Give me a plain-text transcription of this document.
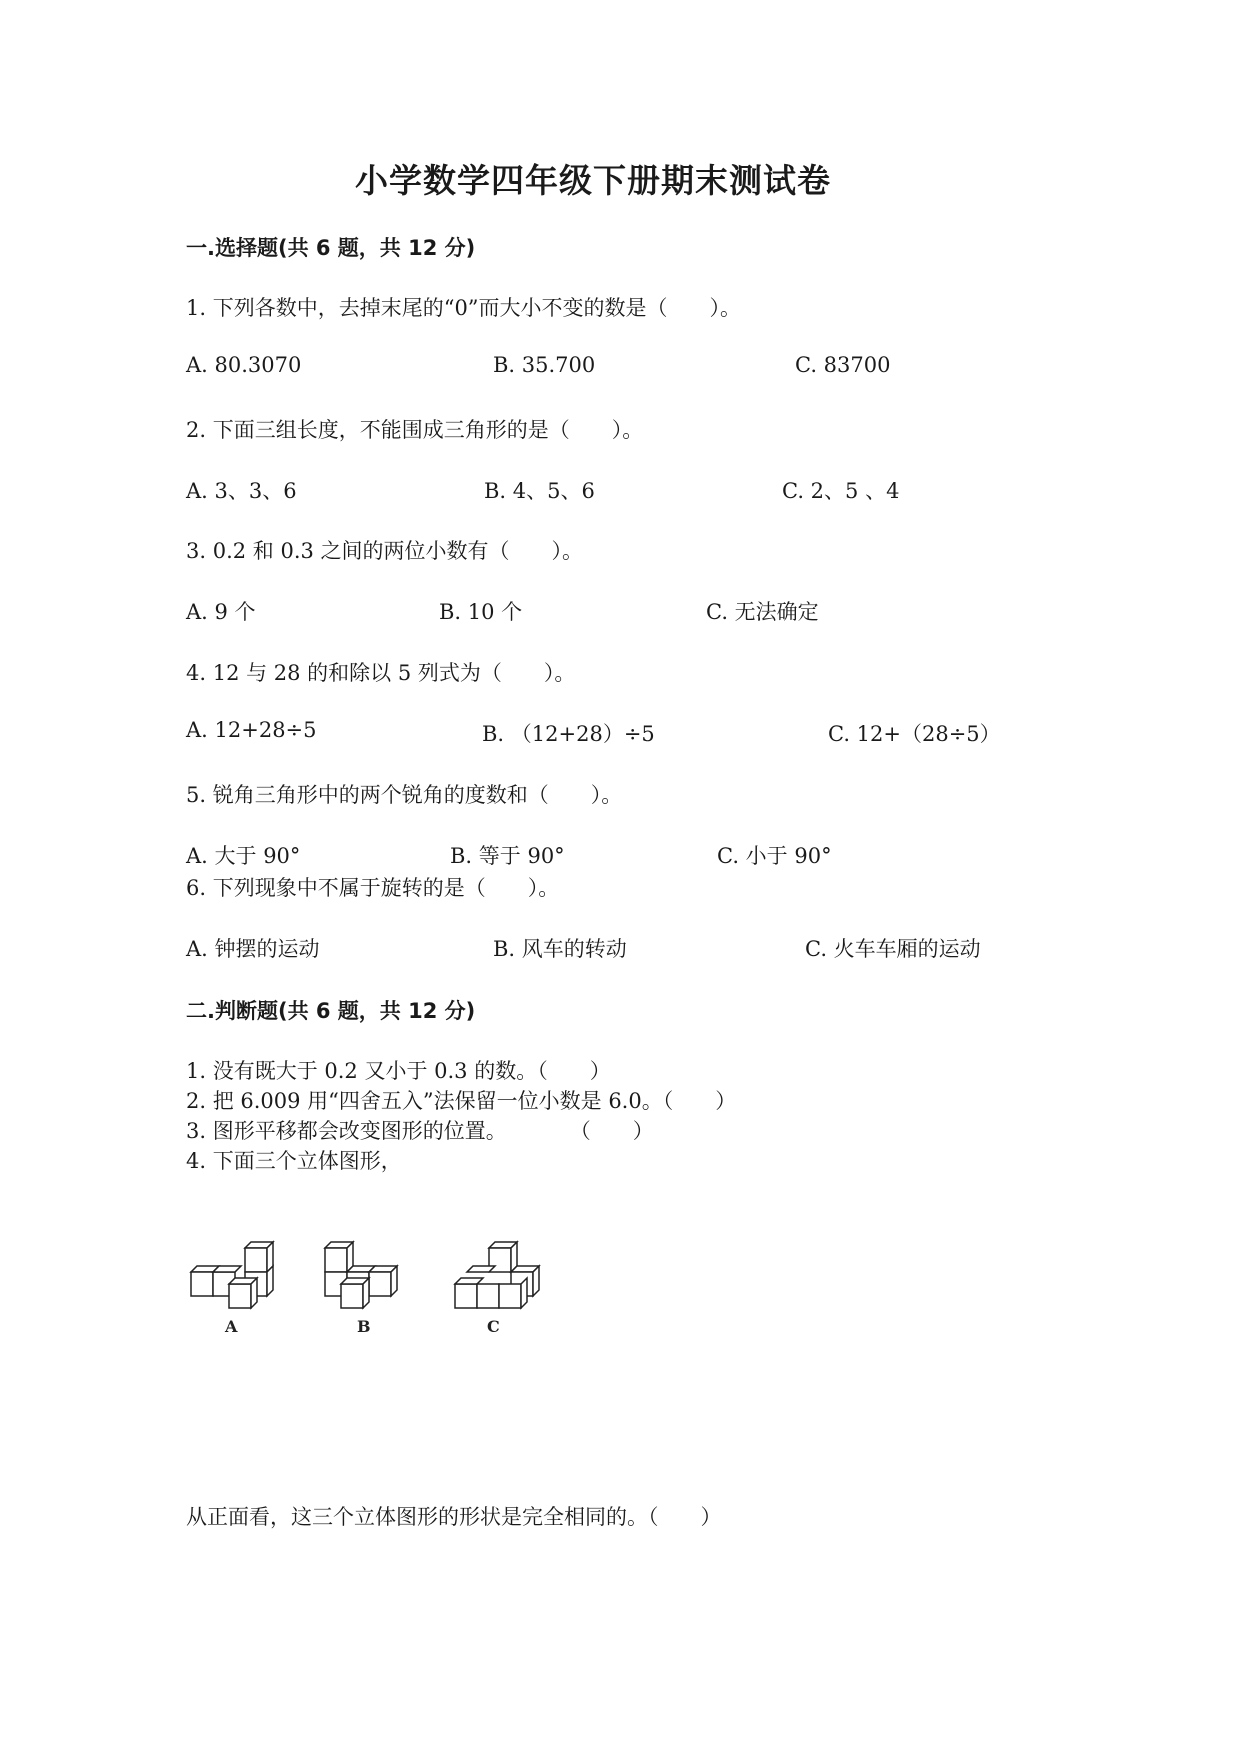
小学数学四年级下册期末测试卷
一.选择题(共 6 题，共 12 分)
1. 下列各数中，去掉末尾的“0”而大小不变的数是（　　）。
A. 80.3070	B. 35.700	C. 83700
2. 下面三组长度，不能围成三角形的是（　　）。
A. 3、3、6	B. 4、5、6	C. 2、5 、4
3. 0.2 和 0.3 之间的两位小数有（　　）。
A. 9 个	B. 10 个	C. 无法确定
4. 12 与 28 的和除以 5 列式为（　　）。
A. 12+28÷5	B. （12+28）÷5	C. 12+（28÷5）
5. 锐角三角形中的两个锐角的度数和（　　）。
A. 大于 90°	B. 等于 90°	C. 小于 90°
6. 下列现象中不属于旋转的是（　　）。
A. 钟摆的运动	B. 风车的转动	C. 火车车厢的运动
二.判断题(共 6 题，共 12 分)
1. 没有既大于 0.2 又小于 0.3 的数。（　　）
2. 把 6.009 用“四舍五入”法保留一位小数是 6.0。（　　）
3. 图形平移都会改变图形的位置。　　　　（　　）
4. 下面三个立体图形，
A	B	C
从正面看，这三个立体图形的形状是完全相同的。（　　）
